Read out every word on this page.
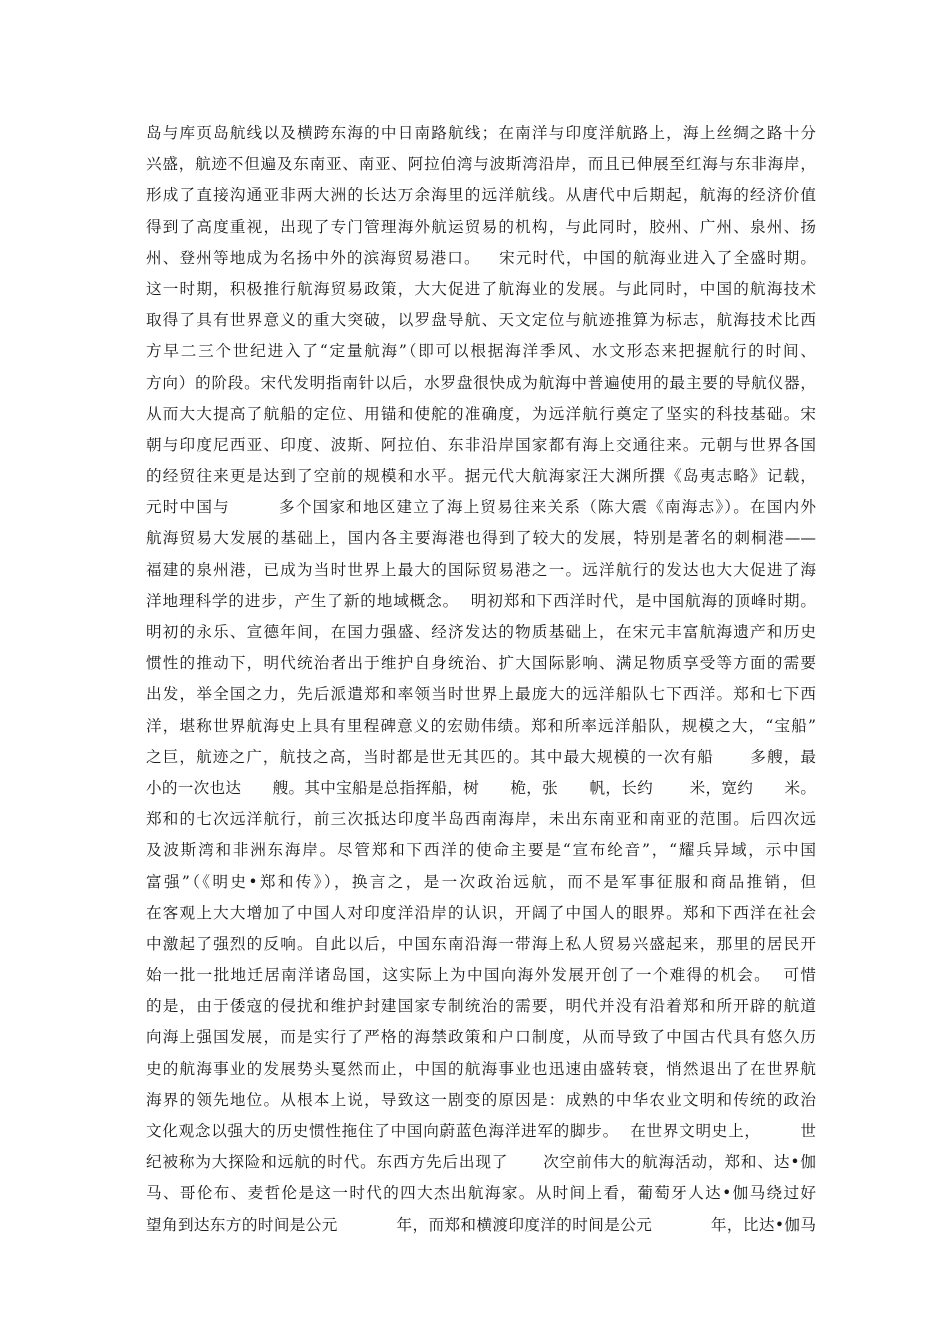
岛与库页岛航线以及横跨东海的中日南路航线；在南洋与印度洋航路上，海上丝绸之路十分
兴盛，航迹不但遍及东南亚、南亚、阿拉伯湾与波斯湾沿岸，而且已伸展至红海与东非海岸，
形成了直接沟通亚非两大洲的长达万余海里的远洋航线。从唐代中后期起，航海的经济价值
得到了高度重视，出现了专门管理海外航运贸易的机构，与此同时，胶州、广州、泉州、扬
州、登州等地成为名扬中外的滨海贸易港口。   宋元时代，中国的航海业进入了全盛时期。
这一时期，积极推行航海贸易政策，大大促进了航海业的发展。与此同时，中国的航海技术
取得了具有世界意义的重大突破，以罗盘导航、天文定位与航迹推算为标志，航海技术比西
方早二三个世纪进入了“定量航海”（即可以根据海洋季风、水文形态来把握航行的时间、
方向）的阶段。宋代发明指南针以后，水罗盘很快成为航海中普遍使用的最主要的导航仪器，
从而大大提高了航船的定位、用锚和使舵的准确度，为远洋航行奠定了坚实的科技基础。宋
朝与印度尼西亚、印度、波斯、阿拉伯、东非沿岸国家都有海上交通往来。元朝与世界各国
的经贸往来更是达到了空前的规模和水平。据元代大航海家汪大渊所撰《岛夷志略》记载，
元时中国与        多个国家和地区建立了海上贸易往来关系（陈大震《南海志》）。在国内外
航海贸易大发展的基础上，国内各主要海港也得到了较大的发展，特别是著名的刺桐港——
福建的泉州港，已成为当时世界上最大的国际贸易港之一。远洋航行的发达也大大促进了海
洋地理科学的进步，产生了新的地域概念。  明初郑和下西洋时代，是中国航海的顶峰时期。
明初的永乐、宣德年间，在国力强盛、经济发达的物质基础上，在宋元丰富航海遗产和历史
惯性的推动下，明代统治者出于维护自身统治、扩大国际影响、满足物质享受等方面的需要
出发，举全国之力，先后派遣郑和率领当时世界上最庞大的远洋船队七下西洋。郑和七下西
洋，堪称世界航海史上具有里程碑意义的宏勋伟绩。郑和所率远洋船队，规模之大，“宝船”
之巨，航迹之广，航技之高，当时都是世无其匹的。其中最大规模的一次有船      多艘，最
小的一次也达      艘。其中宝船是总指挥船，树      桅，张      帆，长约       米，宽约      米。
郑和的七次远洋航行，前三次抵达印度半岛西南海岸，未出东南亚和南亚的范围。后四次远
及波斯湾和非洲东海岸。尽管郑和下西洋的使命主要是“宣布纶音”，“耀兵异域，示中国
富强”（《明史•郑和传》），换言之，是一次政治远航，而不是军事征服和商品推销，但
在客观上大大增加了中国人对印度洋沿岸的认识，开阔了中国人的眼界。郑和下西洋在社会
中激起了强烈的反响。自此以后，中国东南沿海一带海上私人贸易兴盛起来，那里的居民开
始一批一批地迁居南洋诸岛国，这实际上为中国向海外发展开创了一个难得的机会。  可惜
的是，由于倭寇的侵扰和维护封建国家专制统治的需要，明代并没有沿着郑和所开辟的航道
向海上强国发展，而是实行了严格的海禁政策和户口制度，从而导致了中国古代具有悠久历
史的航海事业的发展势头戛然而止，中国的航海事业也迅速由盛转衰，悄然退出了在世界航
海界的领先地位。从根本上说，导致这一剧变的原因是：成熟的中华农业文明和传统的政治
文化观念以强大的历史惯性拖住了中国向蔚蓝色海洋进军的脚步。  在世界文明史上，       世
纪被称为大探险和远航的时代。东西方先后出现了      次空前伟大的航海活动，郑和、达•伽
马、哥伦布、麦哲伦是这一时代的四大杰出航海家。从时间上看，葡萄牙人达•伽马绕过好
望角到达东方的时间是公元           年，而郑和横渡印度洋的时间是公元           年，比达•伽马
